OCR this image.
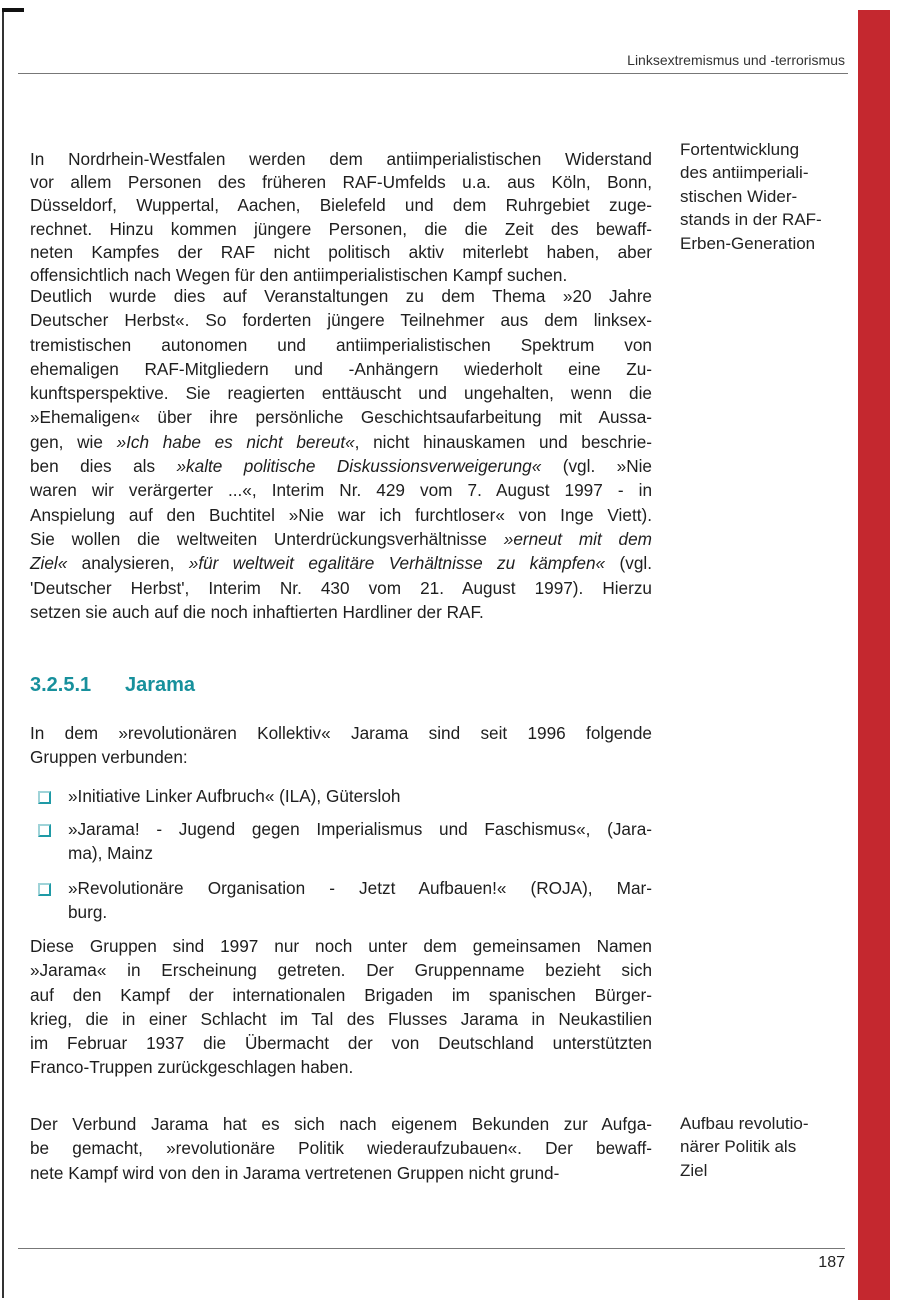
Linksextremismus und -terrorismus
In Nordrhein-Westfalen werden dem antiimperialistischen Widerstand
vor allem Personen des früheren RAF-Umfelds u.a. aus Köln, Bonn,
Düsseldorf, Wuppertal, Aachen, Bielefeld und dem Ruhrgebiet zuge-
rechnet. Hinzu kommen jüngere Personen, die die Zeit des bewaff-
neten Kampfes der RAF nicht politisch aktiv miterlebt haben, aber
offensichtlich nach Wegen für den antiimperialistischen Kampf suchen.
Deutlich wurde dies auf Veranstaltungen zu dem Thema »20 Jahre
Deutscher Herbst«. So forderten jüngere Teilnehmer aus dem linksex-
tremistischen autonomen und antiimperialistischen Spektrum von
ehemaligen RAF-Mitgliedern und -Anhängern wiederholt eine Zu-
kunftsperspektive. Sie reagierten enttäuscht und ungehalten, wenn die
»Ehemaligen« über ihre persönliche Geschichtsaufarbeitung mit Aussa-
gen, wie »Ich habe es nicht bereut«, nicht hinauskamen und beschrie-
ben dies als »kalte politische Diskussionsverweigerung« (vgl. »Nie
waren wir verärgerter ...«, Interim Nr. 429 vom 7. August 1997 - in
Anspielung auf den Buchtitel »Nie war ich furchtloser« von Inge Viett).
Sie wollen die weltweiten Unterdrückungsverhältnisse »erneut mit dem
Ziel« analysieren, »für weltweit egalitäre Verhältnisse zu kämpfen« (vgl.
'Deutscher Herbst', Interim Nr. 430 vom 21. August 1997). Hierzu
setzen sie auch auf die noch inhaftierten Hardliner der RAF.
3.2.5.1 Jarama
In dem »revolutionären Kollektiv« Jarama sind seit 1996 folgende
Gruppen verbunden:
»Initiative Linker Aufbruch« (ILA), Gütersloh
»Jarama! - Jugend gegen Imperialismus und Faschismus«, (Jara-
ma), Mainz
»Revolutionäre Organisation - Jetzt Aufbauen!« (ROJA), Mar-
burg.
Diese Gruppen sind 1997 nur noch unter dem gemeinsamen Namen
»Jarama« in Erscheinung getreten. Der Gruppenname bezieht sich
auf den Kampf der internationalen Brigaden im spanischen Bürger-
krieg, die in einer Schlacht im Tal des Flusses Jarama in Neukastilien
im Februar 1937 die Übermacht der von Deutschland unterstützten
Franco-Truppen zurückgeschlagen haben.
Der Verbund Jarama hat es sich nach eigenem Bekunden zur Aufga-
be gemacht, »revolutionäre Politik wiederaufzubauen«. Der bewaff-
nete Kampf wird von den in Jarama vertretenen Gruppen nicht grund-
Fortentwicklung
des antiimperiali-
stischen Wider-
stands in der RAF-
Erben-Generation
Aufbau revolutio-
närer Politik als
Ziel
187
